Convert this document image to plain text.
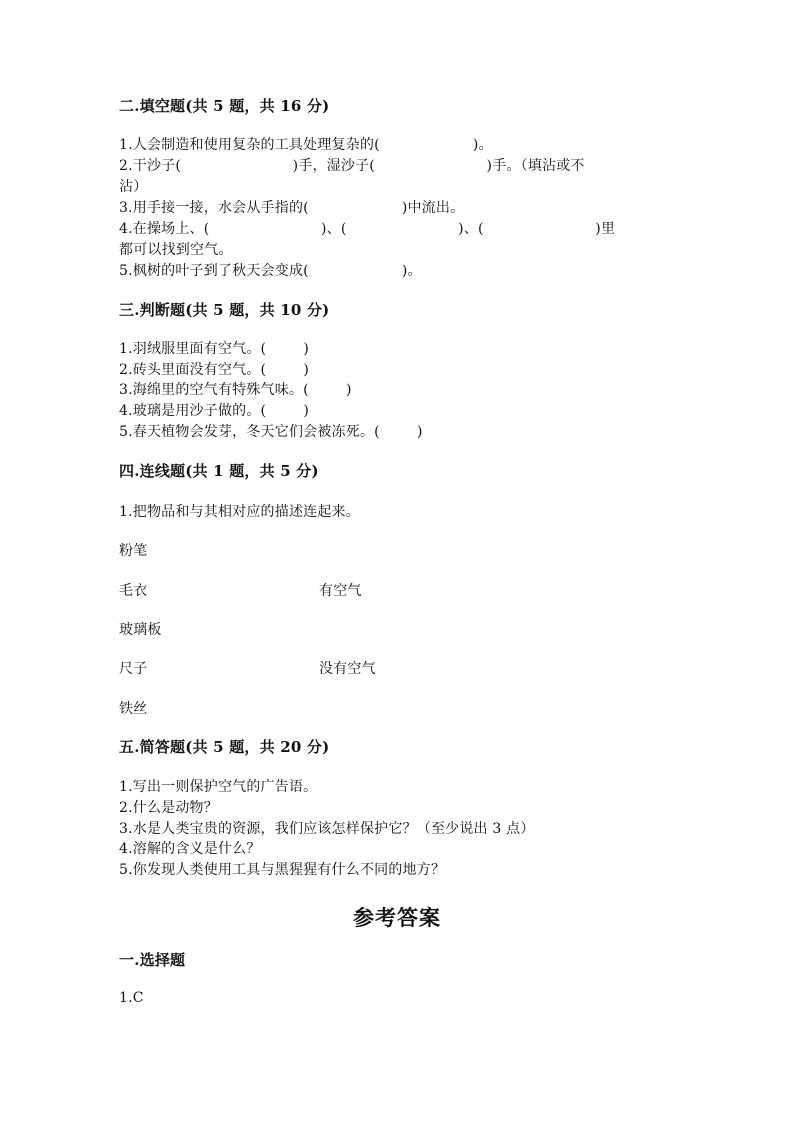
二.填空题(共 5 题，共 16 分)
1.人会制造和使用复杂的工具处理复杂的(                    )。
2.干沙子(                        )手，湿沙子(                        )手。（填沾或不
沾）
3.用手接一接，水会从手指的(                    )中流出。
4.在操场上、(                        )、(                        )、(                        )里
都可以找到空气。
5.枫树的叶子到了秋天会变成(                    )。
三.判断题(共 5 题，共 10 分)
1.羽绒服里面有空气。(        )
2.砖头里面没有空气。(        )
3.海绵里的空气有特殊气味。(        )
4.玻璃是用沙子做的。(        )
5.春天植物会发芽，冬天它们会被冻死。(        )
四.连线题(共 1 题，共 5 分)
1.把物品和与其相对应的描述连起来。
粉笔
毛衣	有空气
玻璃板
尺子	没有空气
铁丝
五.简答题(共 5 题，共 20 分)
1.写出一则保护空气的广告语。
2.什么是动物？
3.水是人类宝贵的资源，我们应该怎样保护它？（至少说出 3 点）
4.溶解的含义是什么？
5.你发现人类使用工具与黑猩猩有什么不同的地方？
参考答案
一.选择题
1.C
